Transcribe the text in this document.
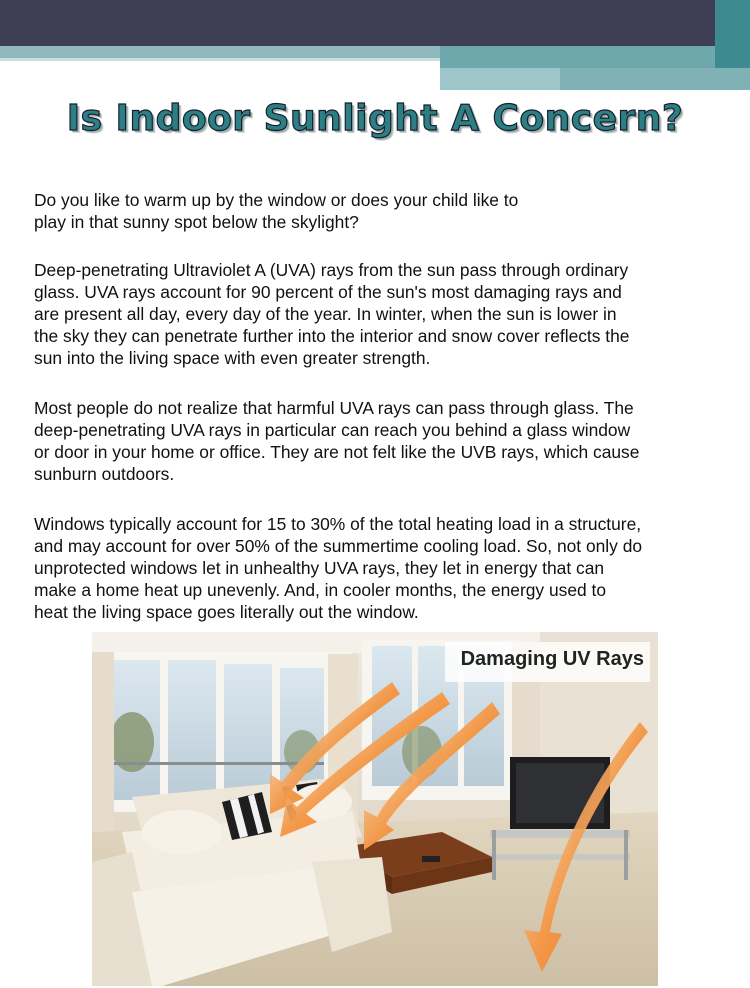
Is Indoor Sunlight A Concern?

Do you like to warm up by the window or does your child like to
play in that sunny spot below the skylight?

Deep-penetrating Ultraviolet A (UVA) rays from the sun pass through ordinary
glass. UVA rays account for 90 percent of the sun's most damaging rays and
are present all day, every day of the year. In winter, when the sun is lower in
the sky they can penetrate further into the interior and snow cover reflects the
sun into the living space with even greater strength.

Most people do not realize that harmful UVA rays can pass through glass. The
deep-penetrating UVA rays in particular can reach you behind a glass window
or door in your home or office. They are not felt like the UVB rays, which cause
sunburn outdoors.

Windows typically account for 15 to 30% of the total heating load in a structure,
and may account for over 50% of the summertime cooling load. So, not only do
unprotected windows let in unhealthy UVA rays, they let in energy that can
make a home heat up unevenly. And, in cooler months, the energy used to
heat the living space goes literally out the window.

Damaging UV Rays
